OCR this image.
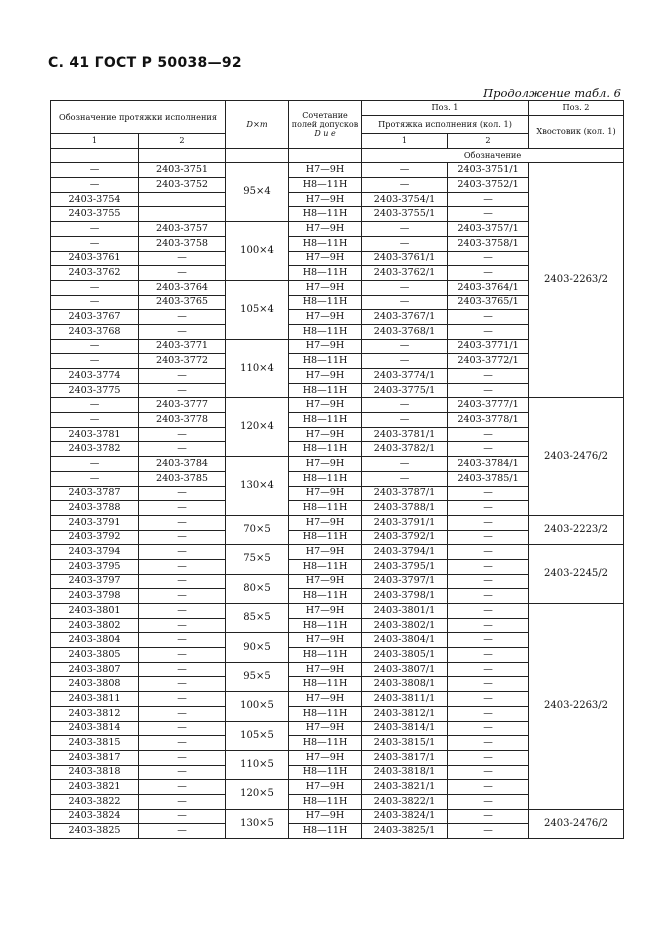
С. 41 ГОСТ Р 50038—92
Продолжение табл. 6
Обозначение протяжки исполнения		D×m	Сочетание полей допусков
D и e	Поз. 1		Поз. 2
				Протяжка исполнения (кол. 1)		Хвостовик (кол. 1)
1	2			1	2	
				Обозначение		
—	2403-3751	95×4	H7—9H	—	2403-3751/1	2403-2263/2
—	2403-3752		H8—11H	—	2403-3752/1	
2403-3754			H7—9H	2403-3754/1	—	
2403-3755			H8—11H	2403-3755/1	—	
—	2403-3757	100×4	H7—9H	—	2403-3757/1	
—	2403-3758		H8—11H	—	2403-3758/1	
2403-3761	—		H7—9H	2403-3761/1	—	
2403-3762	—		H8—11H	2403-3762/1	—	
—	2403-3764	105×4	H7—9H	—	2403-3764/1	
—	2403-3765		H8—11H	—	2403-3765/1	
2403-3767	—		H7—9H	2403-3767/1	—	
2403-3768	—		H8—11H	2403-3768/1	—	
—	2403-3771	110×4	H7—9H	—	2403-3771/1	
—	2403-3772		H8—11H	—	2403-3772/1	
2403-3774	—		H7—9H	2403-3774/1	—	
2403-3775	—		H8—11H	2403-3775/1	—	
—	2403-3777	120×4	H7—9H	—	2403-3777/1	2403-2476/2
—	2403-3778		H8—11H	—	2403-3778/1	
2403-3781	—		H7—9H	2403-3781/1	—	
2403-3782	—		H8—11H	2403-3782/1	—	
—	2403-3784	130×4	H7—9H	—	2403-3784/1	
—	2403-3785		H8—11H	—	2403-3785/1	
2403-3787	—		H7—9H	2403-3787/1	—	
2403-3788	—		H8—11H	2403-3788/1	—	
2403-3791	—	70×5	H7—9H	2403-3791/1	—	2403-2223/2
2403-3792	—		H8—11H	2403-3792/1	—	
2403-3794	—	75×5	H7—9H	2403-3794/1	—	2403-2245/2
2403-3795	—		H8—11H	2403-3795/1	—	
2403-3797	—	80×5	H7—9H	2403-3797/1	—	
2403-3798	—		H8—11H	2403-3798/1	—	
2403-3801	—	85×5	H7—9H	2403-3801/1	—	2403-2263/2
2403-3802	—		H8—11H	2403-3802/1	—	
2403-3804	—	90×5	H7—9H	2403-3804/1	—	
2403-3805	—		H8—11H	2403-3805/1	—	
2403-3807	—	95×5	H7—9H	2403-3807/1	—	
2403-3808	—		H8—11H	2403-3808/1	—	
2403-3811	—	100×5	H7—9H	2403-3811/1	—	
2403-3812	—		H8—11H	2403-3812/1	—	
2403-3814	—	105×5	H7—9H	2403-3814/1	—	
2403-3815	—		H8—11H	2403-3815/1	—	
2403-3817	—	110×5	H7—9H	2403-3817/1	—	
2403-3818	—		H8—11H	2403-3818/1	—	
2403-3821	—	120×5	H7—9H	2403-3821/1	—	
2403-3822	—		H8—11H	2403-3822/1	—	
2403-3824	—	130×5	H7—9H	2403-3824/1	—	2403-2476/2
2403-3825	—		H8—11H	2403-3825/1	—	
